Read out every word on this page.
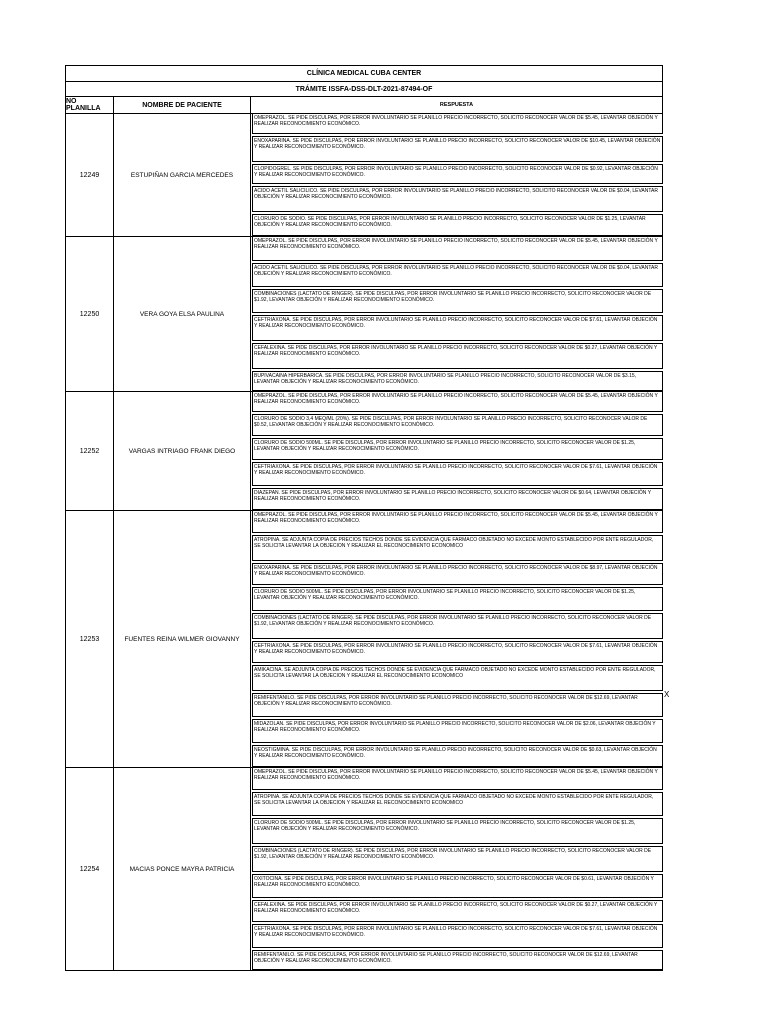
CLÍNICA MEDICAL CUBA CENTER
TRÁMITE ISSFA-DSS-DLT-2021-87494-OF
NO PLANILLA	NOMBRE DE PACIENTE	RESPUESTA
12249	ESTUPIÑAN GARCIA MERCEDES
OMEPRAZOL. SE PIDE DISCULPAS, POR ERROR INVOLUNTARIO SE PLANILLO PRECIO INCORRECTO, SOLICITO RECONOCER VALOR DE $5.45, LEVANTAR OBJECIÓN Y REALIZAR RECONOCIMIENTO ECONÓMICO.
ENOXAPARINA. SE PIDE DISCULPAS, POR ERROR INVOLUNTARIO SE PLANILLO PRECIO INCORRECTO, SOLICITO RECONOCER VALOR DE $10.45, LEVANTAR OBJECIÓN Y REALIZAR RECONOCIMIENTO ECONÓMICO.
CLOPIDOGREL. SE PIDE DISCULPAS, POR ERROR INVOLUNTARIO SE PLANILLO PRECIO INCORRECTO, SOLICITO RECONOCER VALOR DE $0.92, LEVANTAR OBJECIÓN Y REALIZAR RECONOCIMIENTO ECONÓMICO.
ACIDO ACETIL SALICILICO. SE PIDE DISCULPAS, POR ERROR INVOLUNTARIO SE PLANILLO PRECIO INCORRECTO, SOLICITO RECONOCER VALOR DE $0.04, LEVANTAR OBJECIÓN Y REALIZAR RECONOCIMIENTO ECONÓMICO.
CLORURO DE SODIO. SE PIDE DISCULPAS, POR ERROR INVOLUNTARIO SE PLANILLO PRECIO INCORRECTO, SOLICITO RECONOCER VALOR DE $1.25, LEVANTAR OBJECIÓN Y REALIZAR RECONOCIMIENTO ECONÓMICO.
12250	VERA GOYA ELSA PAULINA
OMEPRAZOL. SE PIDE DISCULPAS, POR ERROR INVOLUNTARIO SE PLANILLO PRECIO INCORRECTO, SOLICITO RECONOCER VALOR DE $5.45, LEVANTAR OBJECIÓN Y REALIZAR RECONOCIMIENTO ECONÓMICO.
ACIDO ACETIL SALICILICO. SE PIDE DISCULPAS, POR ERROR INVOLUNTARIO SE PLANILLO PRECIO INCORRECTO, SOLICITO RECONOCER VALOR DE $0.04, LEVANTAR OBJECIÓN Y REALIZAR RECONOCIMIENTO ECONÓMICO.
COMBINACIONES (LACTATO DE RINGER). SE PIDE DISCULPAS, POR ERROR INVOLUNTARIO SE PLANILLO PRECIO INCORRECTO, SOLICITO RECONOCER VALOR DE $1.92, LEVANTAR OBJECIÓN Y REALIZAR RECONOCIMIENTO ECONÓMICO.
CEFTRIAXONA. SE PIDE DISCULPAS, POR ERROR INVOLUNTARIO SE PLANILLO PRECIO INCORRECTO, SOLICITO RECONOCER VALOR DE $7.61, LEVANTAR OBJECIÓN Y REALIZAR RECONOCIMIENTO ECONÓMICO.
CEFALEXINA. SE PIDE DISCULPAS, POR ERROR INVOLUNTARIO SE PLANILLO PRECIO INCORRECTO, SOLICITO RECONOCER VALOR DE $0.27, LEVANTAR OBJECIÓN Y REALIZAR RECONOCIMIENTO ECONÓMICO.
BUPIVACAINA HIPERBARICA. SE PIDE DISCULPAS, POR ERROR INVOLUNTARIO SE PLANILLO PRECIO INCORRECTO, SOLICITO RECONOCER VALOR DE $3.15, LEVANTAR OBJECIÓN Y REALIZAR RECONOCIMIENTO ECONÓMICO.
12252	VARGAS INTRIAGO FRANK DIEGO
OMEPRAZOL. SE PIDE DISCULPAS, POR ERROR INVOLUNTARIO SE PLANILLO PRECIO INCORRECTO, SOLICITO RECONOCER VALOR DE $5.45, LEVANTAR OBJECIÓN Y REALIZAR RECONOCIMIENTO ECONÓMICO.
CLORURO DE SODIO 3,4 MEQ/ML (20%). SE PIDE DISCULPAS, POR ERROR INVOLUNTARIO SE PLANILLO PRECIO INCORRECTO, SOLICITO RECONOCER VALOR DE $0.52, LEVANTAR OBJECIÓN Y REALIZAR RECONOCIMIENTO ECONÓMICO.
CLORURO DE SODIO 500ML. SE PIDE DISCULPAS, POR ERROR INVOLUNTARIO SE PLANILLO PRECIO INCORRECTO, SOLICITO RECONOCER VALOR DE $1.25, LEVANTAR OBJECIÓN Y REALIZAR RECONOCIMIENTO ECONÓMICO.
CEFTRIAXONA. SE PIDE DISCULPAS, POR ERROR INVOLUNTARIO SE PLANILLO PRECIO INCORRECTO, SOLICITO RECONOCER VALOR DE $7.61, LEVANTAR OBJECIÓN Y REALIZAR RECONOCIMIENTO ECONÓMICO.
DIAZEPAN. SE PIDE DISCULPAS, POR ERROR INVOLUNTARIO SE PLANILLO PRECIO INCORRECTO, SOLICITO RECONOCER VALOR DE $0.64, LEVANTAR OBJECIÓN Y REALIZAR RECONOCIMIENTO ECONÓMICO.
12253	FUENTES REINA WILMER GIOVANNY
OMEPRAZOL. SE PIDE DISCULPAS, POR ERROR INVOLUNTARIO SE PLANILLO PRECIO INCORRECTO, SOLICITO RECONOCER VALOR DE $5.45, LEVANTAR OBJECIÓN Y REALIZAR RECONOCIMIENTO ECONÓMICO.
ATROPINA. SE ADJUNTA COPIA DE PRECIOS TECHOS DONDE SE EVIDENCIA QUE FARMACO OBJETADO NO EXCEDE MONTO ESTABLECIDO POR ENTE REGULADOR, SE SOLICITA LEVANTAR LA OBJECION Y REAUZAR EL RECONOCIMIENTO ECONOMICO
ENOXAPARINA. SE PIDE DISCULPAS, POR ERROR INVOLUNTARIO SE PLANILLO PRECIO INCORRECTO, SOLICITO RECONOCER VALOR DE $8.97, LEVANTAR OBJECIÓN Y REALIZAR RECONOCIMIENTO ECONÓMICO.
CLORURO DE SODIO 500ML. SE PIDE DISCULPAS, POR ERROR INVOLUNTARIO SE PLANILLO PRECIO INCORRECTO, SOLICITO RECONOCER VALOR DE $1.25, LEVANTAR OBJECIÓN Y REALIZAR RECONOCIMIENTO ECONÓMICO.
COMBINACIONES (LACTATO DE RINGER). SE PIDE DISCULPAS, POR ERROR INVOLUNTARIO SE PLANILLO PRECIO INCORRECTO, SOLICITO RECONOCER VALOR DE $1.92, LEVANTAR OBJECIÓN Y REALIZAR RECONOCIMIENTO ECONÓMICO.
CEFTRIAXONA. SE PIDE DISCULPAS, POR ERROR INVOLUNTARIO SE PLANILLO PRECIO INCORRECTO, SOLICITO RECONOCER VALOR DE $7.61, LEVANTAR OBJECIÓN Y REALIZAR RECONOCIMIENTO ECONÓMICO.
AMIKACINA. SE ADJUNTA COPIA DE PRECIOS TECHOS DONDE SE EVIDENCIA QUE FARMACO OBJETADO NO EXCEDE MONTO ESTABLECIDO POR ENTE REGULADOR, SE SOLICITA LEVANTAR LA OBJECION Y REAUZAR EL RECONOCIMIENTO ECONOMICO
REMIFENTANILO. SE PIDE DISCULPAS, POR ERROR INVOLUNTARIO SE PLANILLO PRECIO INCORRECTO, SOLICITO RECONOCER VALOR DE $12.69, LEVANTAR OBJECIÓN Y REALIZAR RECONOCIMIENTO ECONÓMICO.
MIDAZOLAN. SE PIDE DISCULPAS, POR ERROR INVOLUNTARIO SE PLANILLO PRECIO INCORRECTO, SOLICITO RECONOCER VALOR DE $2.06, LEVANTAR OBJECIÓN Y REALIZAR RECONOCIMIENTO ECONÓMICO.
NEOSTIGMINA. SE PIDE DISCULPAS, POR ERROR INVOLUNTARIO SE PLANILLO PRECIO INCORRECTO, SOLICITO RECONOCER VALOR DE $0.63, LEVANTAR OBJECIÓN Y REALIZAR RECONOCIMIENTO ECONÓMICO.
12254	MACIAS PONCE MAYRA PATRICIA
OMEPRAZOL. SE PIDE DISCULPAS, POR ERROR INVOLUNTARIO SE PLANILLO PRECIO INCORRECTO, SOLICITO RECONOCER VALOR DE $5.45, LEVANTAR OBJECIÓN Y REALIZAR RECONOCIMIENTO ECONÓMICO.
ATROPINA. SE ADJUNTA COPIA DE PRECIOS TECHOS DONDE SE EVIDENCIA QUE FARMACO OBJETADO NO EXCEDE MONTO ESTABLECIDO POR ENTE REGULADOR, SE SOLICITA LEVANTAR LA OBJECION Y REAUZAR EL RECONOCIMIENTO ECONOMICO
CLORURO DE SODIO 500ML. SE PIDE DISCULPAS, POR ERROR INVOLUNTARIO SE PLANILLO PRECIO INCORRECTO, SOLICITO RECONOCER VALOR DE $1.25, LEVANTAR OBJECIÓN Y REALIZAR RECONOCIMIENTO ECONÓMICO.
COMBINACIONES (LACTATO DE RINGER). SE PIDE DISCULPAS, POR ERROR INVOLUNTARIO SE PLANILLO PRECIO INCORRECTO, SOLICITO RECONOCER VALOR DE $1.92, LEVANTAR OBJECIÓN Y REALIZAR RECONOCIMIENTO ECONÓMICO.
OXITOCINA. SE PIDE DISCULPAS, POR ERROR INVOLUNTARIO SE PLANILLO PRECIO INCORRECTO, SOLICITO RECONOCER VALOR DE $0.61, LEVANTAR OBJECIÓN Y REALIZAR RECONOCIMIENTO ECONÓMICO.
CEFALEXINA. SE PIDE DISCULPAS, POR ERROR INVOLUNTARIO SE PLANILLO PRECIO INCORRECTO, SOLICITO RECONOCER VALOR DE $0.27, LEVANTAR OBJECIÓN Y REALIZAR RECONOCIMIENTO ECONÓMICO.
CEFTRIAXONA. SE PIDE DISCULPAS, POR ERROR INVOLUNTARIO SE PLANILLO PRECIO INCORRECTO, SOLICITO RECONOCER VALOR DE $7.61, LEVANTAR OBJECIÓN Y REALIZAR RECONOCIMIENTO ECONÓMICO.
REMIFENTANILO. SE PIDE DISCULPAS, POR ERROR INVOLUNTARIO SE PLANILLO PRECIO INCORRECTO, SOLICITO RECONOCER VALOR DE $12.69, LEVANTAR OBJECIÓN Y REALIZAR RECONOCIMIENTO ECONÓMICO.
X
